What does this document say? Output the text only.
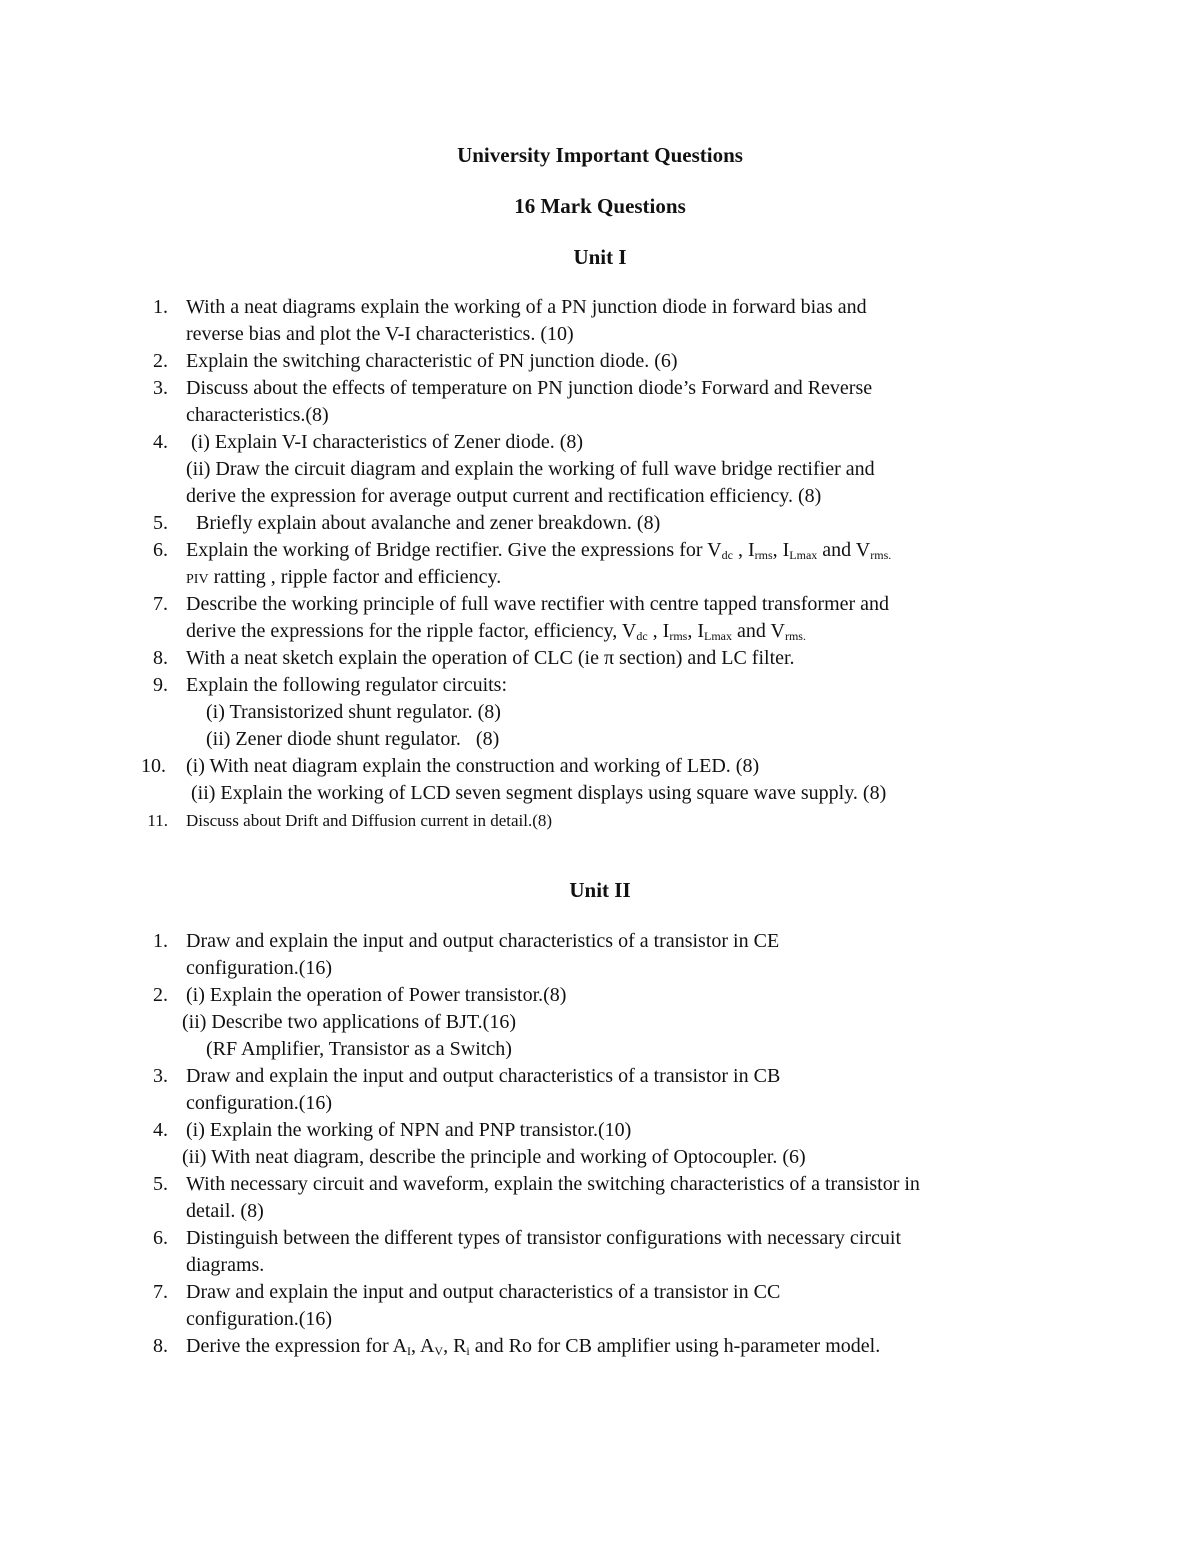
University Important Questions
16 Mark Questions
Unit I
1. With a neat diagrams explain the working of a PN junction diode in forward bias and
reverse bias and plot the V-I characteristics. (10)
2. Explain the switching characteristic of PN junction diode. (6)
3. Discuss about the effects of temperature on PN junction diode’s Forward and Reverse
characteristics.(8)
4. (i) Explain V-I characteristics of Zener diode. (8)
(ii) Draw the circuit diagram and explain the working of full wave bridge rectifier and
derive the expression for average output current and rectification efficiency. (8)
5. Briefly explain about avalanche and zener breakdown. (8)
6. Explain the working of Bridge rectifier. Give the expressions for $V_{dc}$ , $I_{rms}$, $I_{Lmax}$ and $V_{rms.}$
PIV ratting , ripple factor and efficiency.
7. Describe the working principle of full wave rectifier with centre tapped transformer and
derive the expressions for the ripple factor, efficiency, $V_{dc}$ , $I_{rms}$, $I_{Lmax}$ and $V_{rms.}$
8. With a neat sketch explain the operation of CLC (ie π section) and LC filter.
9. Explain the following regulator circuits:
(i) Transistorized shunt regulator. (8)
(ii) Zener diode shunt regulator.   (8)
10. (i) With neat diagram explain the construction and working of LED. (8)
(ii) Explain the working of LCD seven segment displays using square wave supply. (8)
11. Discuss about Drift and Diffusion current in detail.(8)
Unit II
1. Draw and explain the input and output characteristics of a transistor in CE
configuration.(16)
2. (i) Explain the operation of Power transistor.(8)
(ii) Describe two applications of BJT.(16)
(RF Amplifier, Transistor as a Switch)
3. Draw and explain the input and output characteristics of a transistor in CB
configuration.(16)
4. (i) Explain the working of NPN and PNP transistor.(10)
(ii) With neat diagram, describe the principle and working of Optocoupler. (6)
5. With necessary circuit and waveform, explain the switching characteristics of a transistor in
detail. (8)
6. Distinguish between the different types of transistor configurations with necessary circuit
diagrams.
7. Draw and explain the input and output characteristics of a transistor in CC
configuration.(16)
8. Derive the expression for $A_I$, $A_V$, $R_i$ and Ro for CB amplifier using h-parameter model.
